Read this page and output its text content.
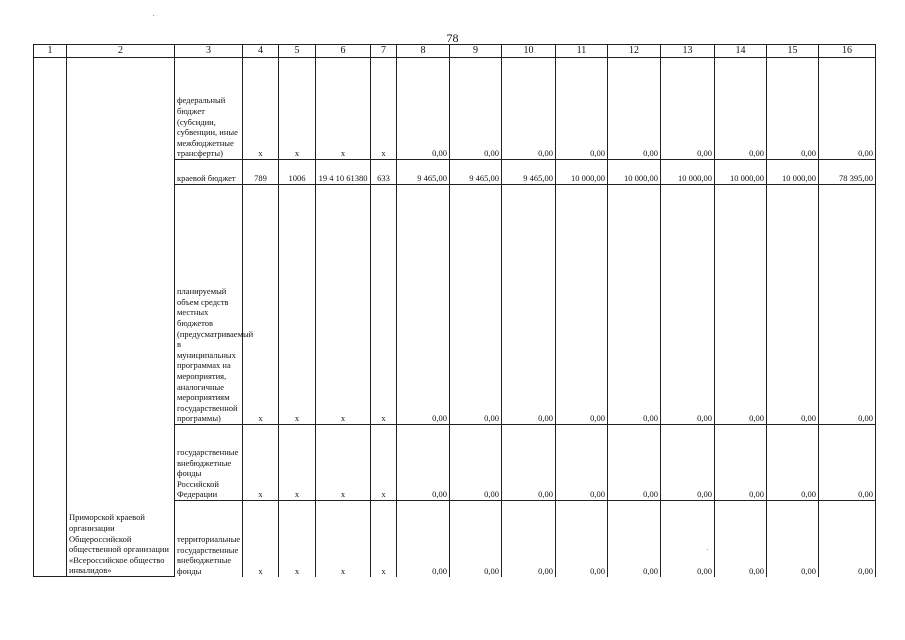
78
1	2	3	4	5	6	7	8	9	10	11	12	13	14	15	16
	Приморской краевой организации Общероссийской общественной организации «Всероссийское общество инвалидов»	федеральный бюджет (субсидии, субвенции, иные межбюджетные трансферты)	х	х	х	х	0,00	0,00	0,00	0,00	0,00	0,00	0,00	0,00	0,00
		краевой бюджет	789	1006	19 4 10 61380	633	9 465,00	9 465,00	9 465,00	10 000,00	10 000,00	10 000,00	10 000,00	10 000,00	78 395,00
		планируемый объем средств местных бюджетов (предусматриваемый в муниципальных программах на мероприятия, аналогичные мероприятиям государственной программы)	х	х	х	х	0,00	0,00	0,00	0,00	0,00	0,00	0,00	0,00	0,00
		государственные внебюджетные фонды Российской Федерации	х	х	х	х	0,00	0,00	0,00	0,00	0,00	0,00	0,00	0,00	0,00
		территориальные государственные внебюджетные фонды	х	х	х	х	0,00	0,00	0,00	0,00	0,00	0,00	0,00	0,00	0,00
